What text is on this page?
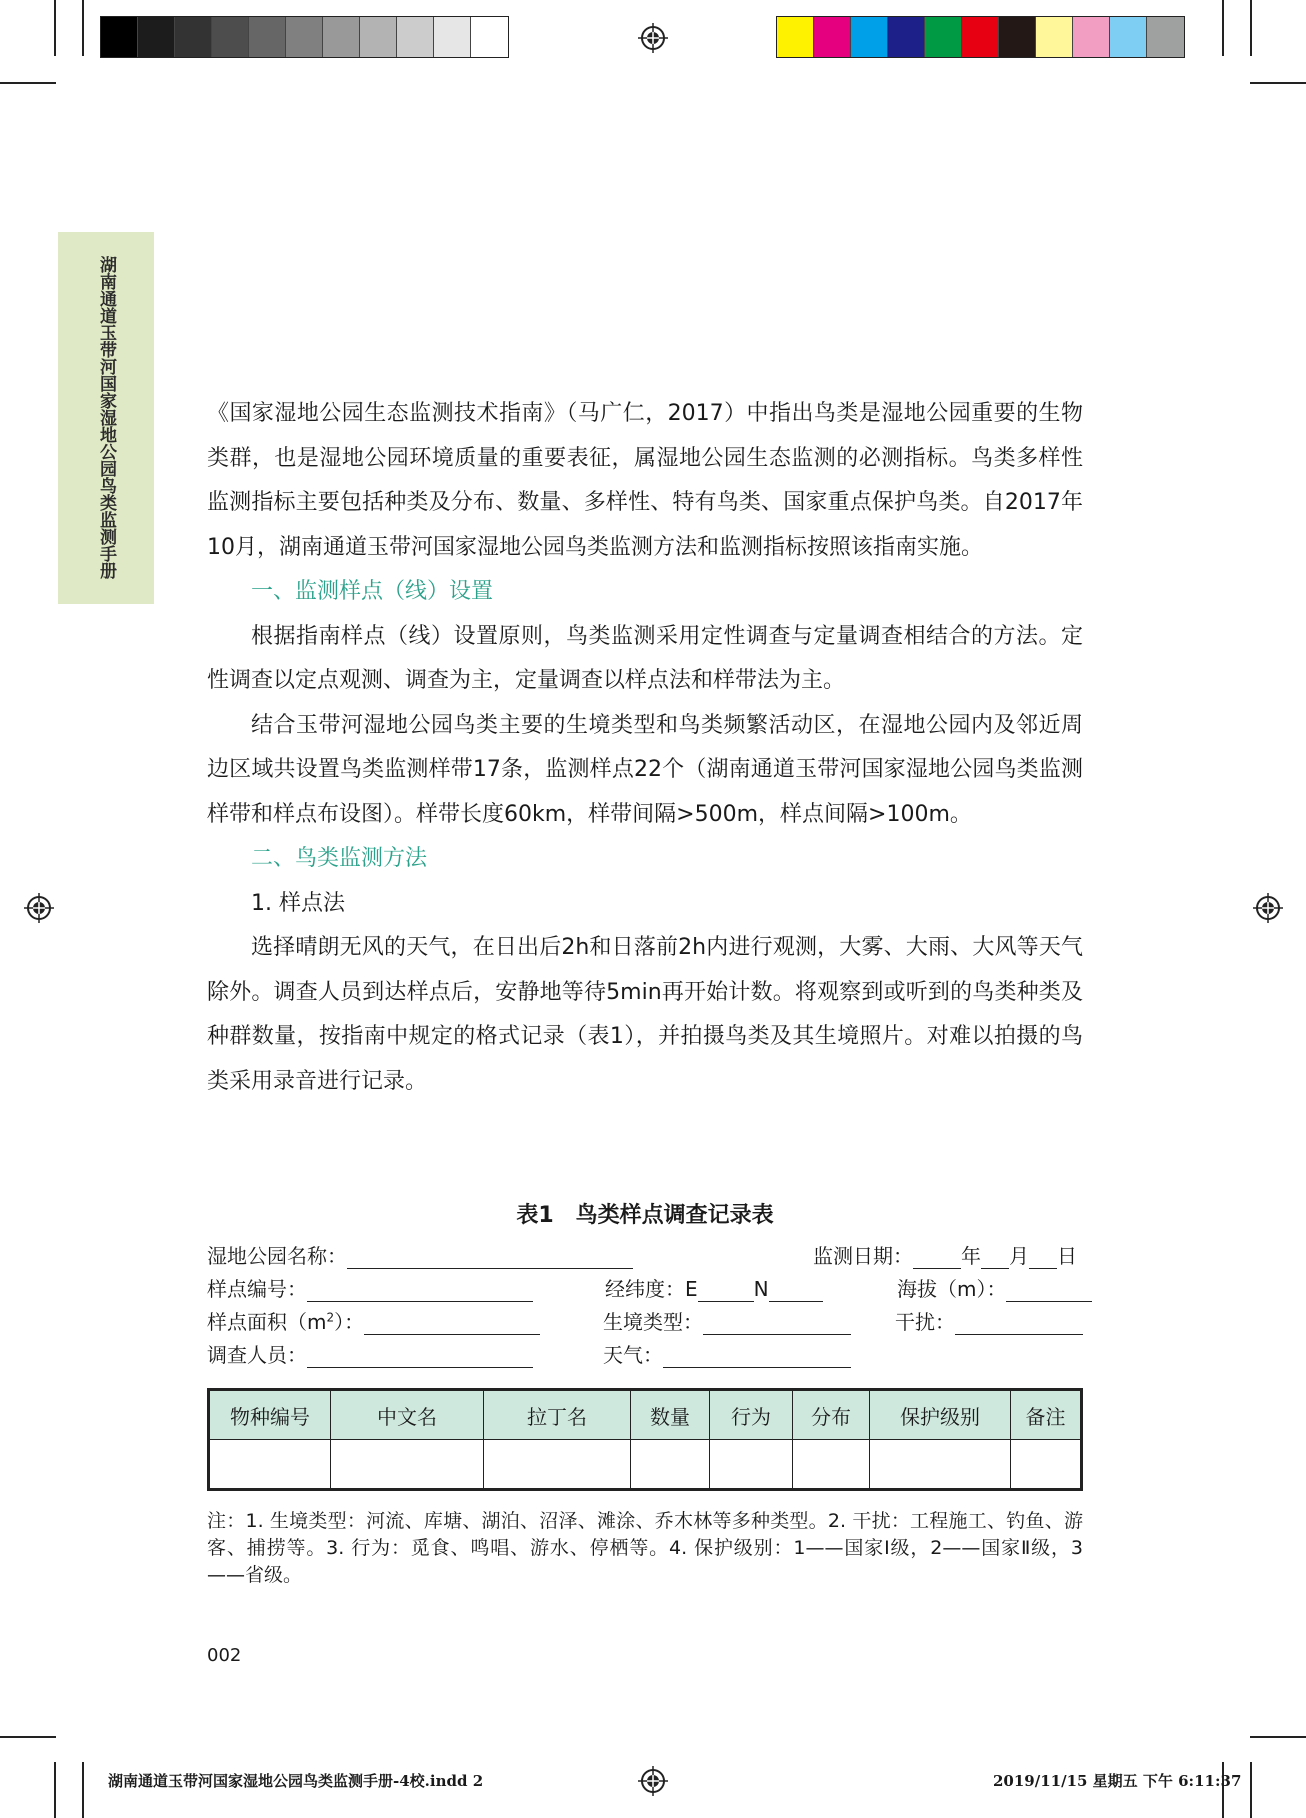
湖南通道玉带河国家湿地公园鸟类监测手册	《国家湿地公园生态监测技术指南》（马广仁，2017）中指出鸟类是湿地公园重要的生物类群，也是湿地公园环境质量的重要表征，属湿地公园生态监测的必测指标。鸟类多样性监测指标主要包括种类及分布、数量、多样性、特有鸟类、国家重点保护鸟类。自2017年10月，湖南通道玉带河国家湿地公园鸟类监测方法和监测指标按照该指南实施。

一、监测样点（线）设置

根据指南样点（线）设置原则，鸟类监测采用定性调查与定量调查相结合的方法。定性调查以定点观测、调查为主，定量调查以样点法和样带法为主。

结合玉带河湿地公园鸟类主要的生境类型和鸟类频繁活动区，在湿地公园内及邻近周边区域共设置鸟类监测样带17条，监测样点22个（湖南通道玉带河国家湿地公园鸟类监测样带和样点布设图）。样带长度60km，样带间隔>500m，样点间隔>100m。

二、鸟类监测方法

1. 样点法

选择晴朗无风的天气，在日出后2h和日落前2h内进行观测，大雾、大雨、大风等天气除外。调查人员到达样点后，安静地等待5min再开始计数。将观察到或听到的鸟类种类及种群数量，按指南中规定的格式记录（表1），并拍摄鸟类及其生境照片。对难以拍摄的鸟类采用录音进行记录。

表1　鸟类样点调查记录表
湿地公园名称：	监测日期： 年 月 日
样点编号：	经纬度：E	N	海拔（m）：
样点面积$(m^2)$：	生境类型：	干扰：
调查人员：	天气：
物种编号	中文名	拉丁名	数量	行为	分布	保护级别	备注

注：1. 生境类型：河流、库塘、湖泊、沼泽、滩涂、乔木林等多种类型。2. 干扰：工程施工、钓鱼、游客、捕捞等。3. 行为：觅食、鸣唱、游水、停栖等。4. 保护级别：1——国家Ⅰ级，2——国家Ⅱ级，3——省级。
002
湖南通道玉带河国家湿地公园鸟类监测手册-4校.indd 2	2019/11/15 星期五 下午 6:11:37
